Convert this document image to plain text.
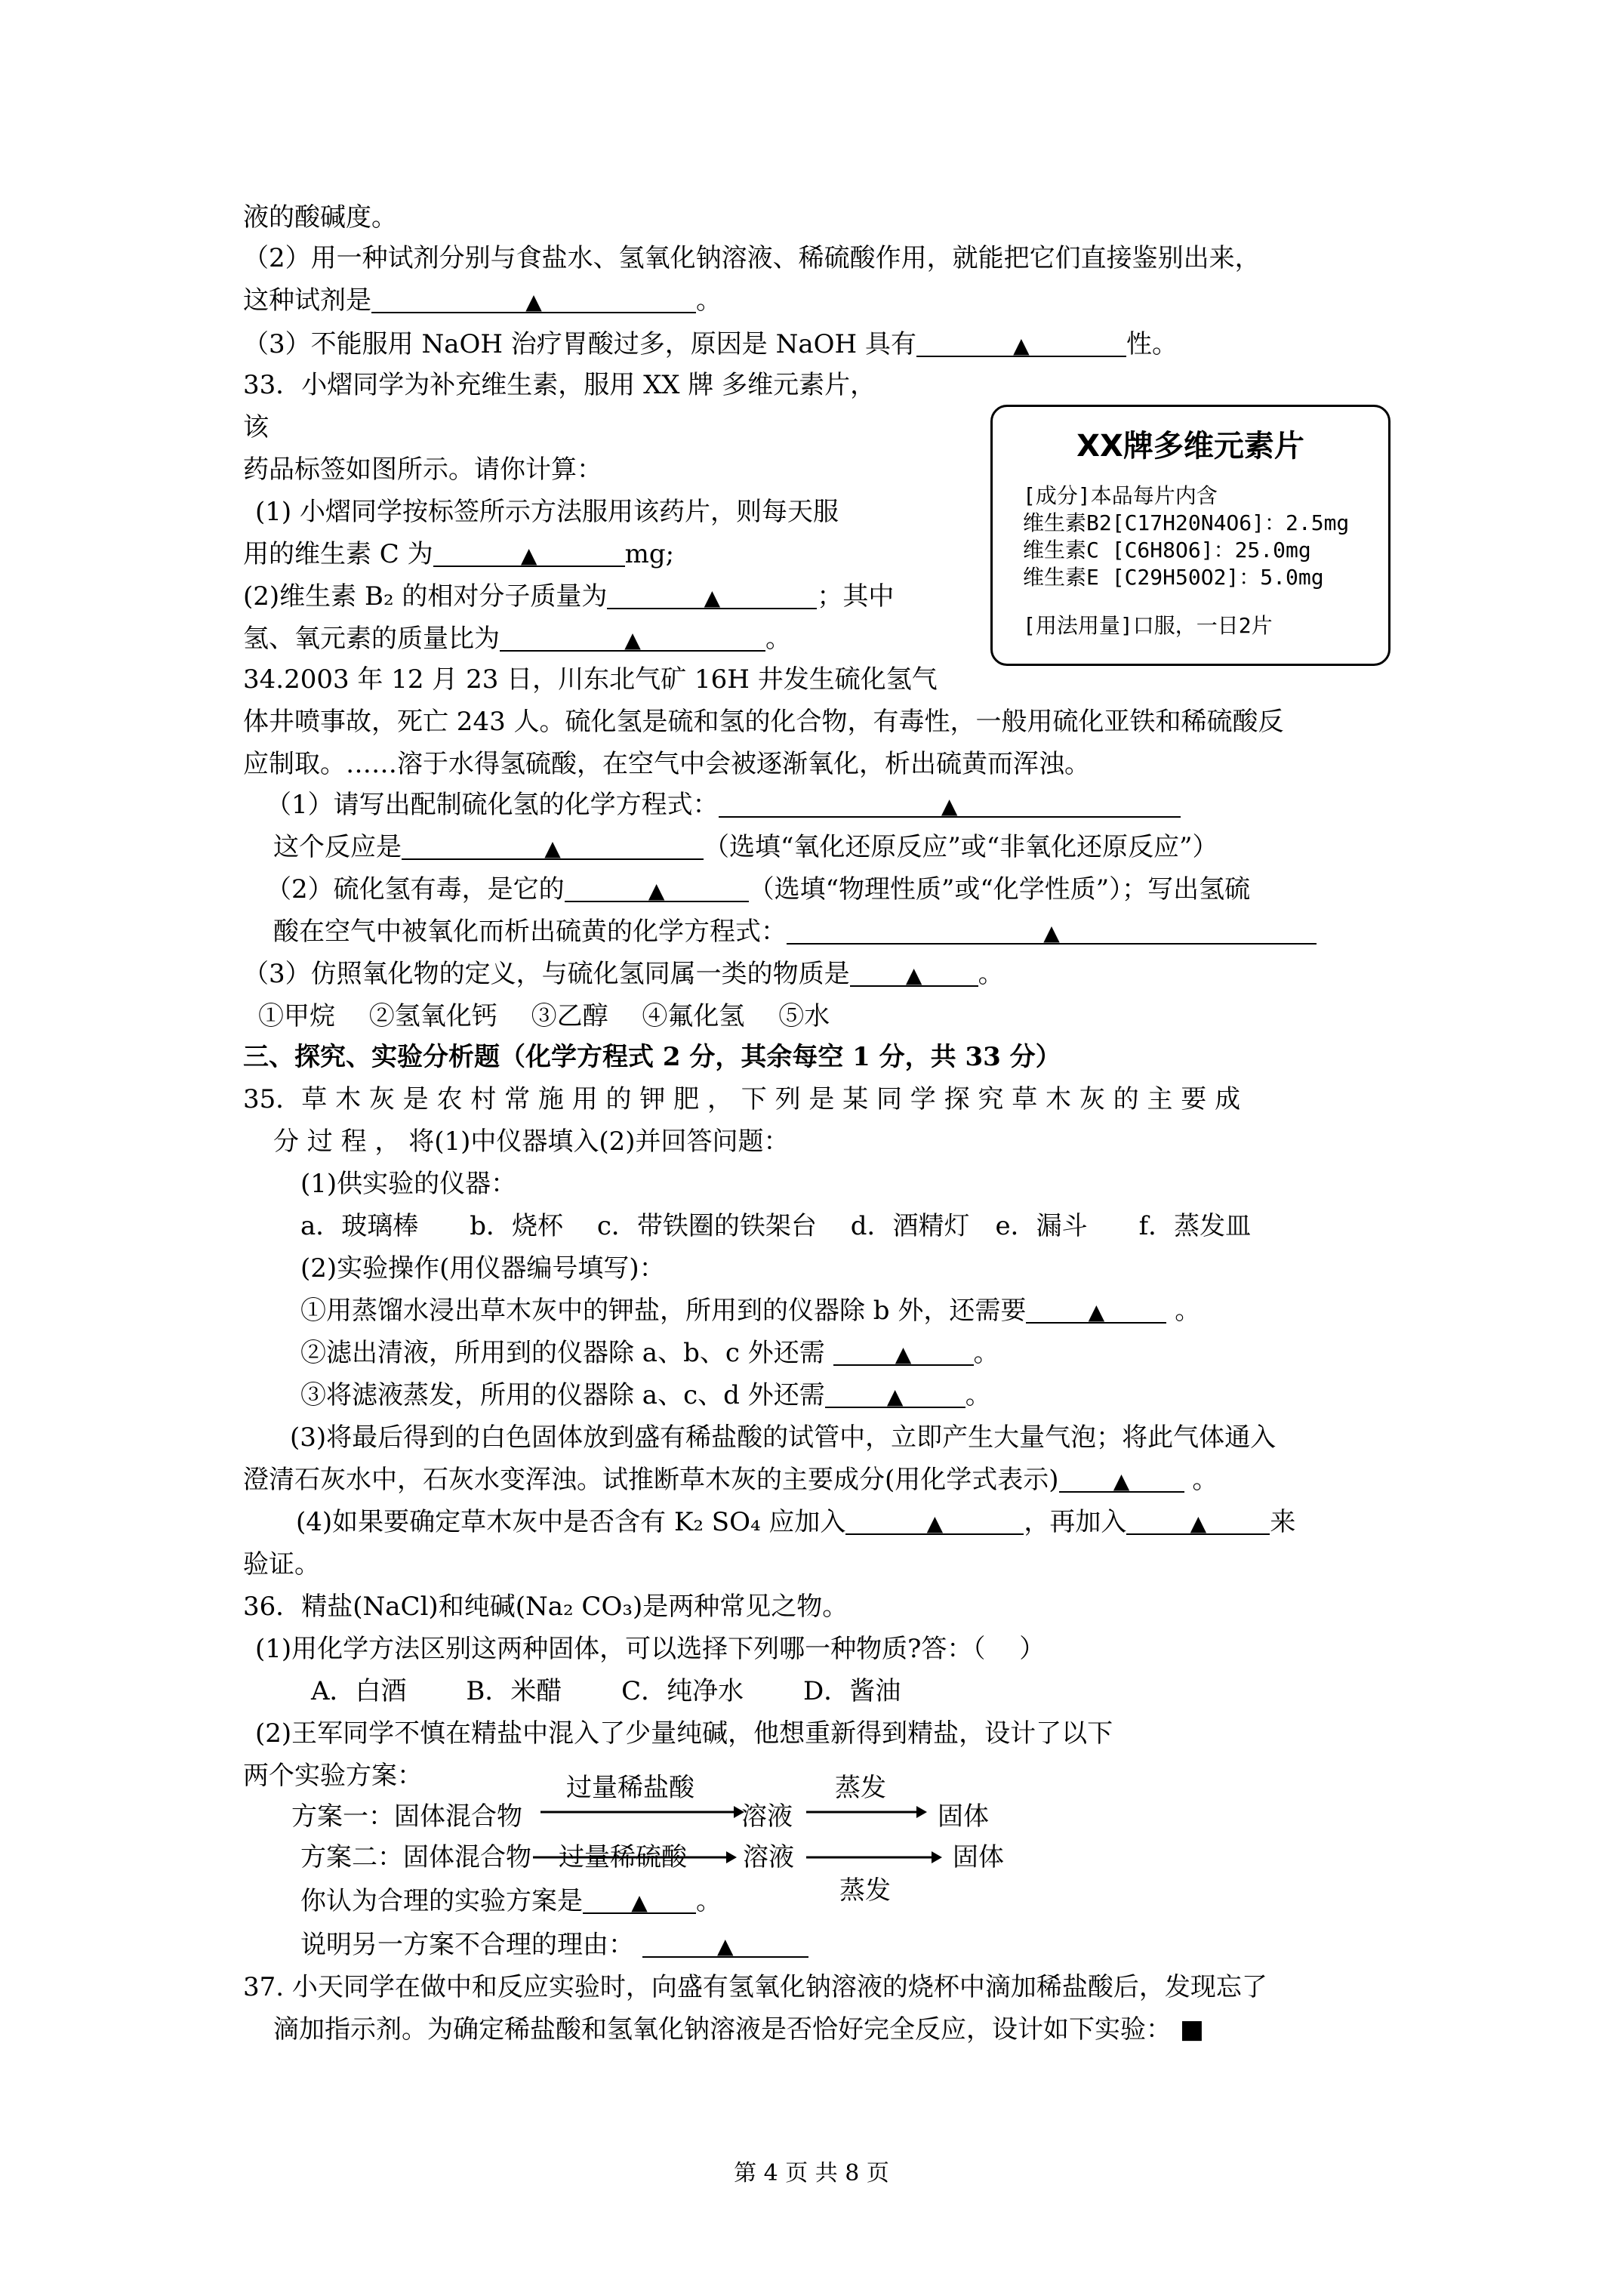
液的酸碱度。
（2）用一种试剂分别与食盐水、氢氧化钠溶液、稀硫酸作用，就能把它们直接鉴别出来，
这种试剂是	▲	。
（3）不能服用 NaOH 治疗胃酸过多，原因是 NaOH 具有	▲	性。
33．小熠同学为补充维生素，服用 XX 牌 多维元素片，
该
药品标签如图所示。请你计算：
(1) 小熠同学按标签所示方法服用该药片，则每天服
用的维生素 C 为	▲	mg;
(2)维生素 B₂ 的相对分子质量为	▲	；其中
氢、氧元素的质量比为	▲	。
34.2003 年 12 月 23 日，川东北气矿 16H 井发生硫化氢气
体井喷事故，死亡 243 人。硫化氢是硫和氢的化合物，有毒性，一般用硫化亚铁和稀硫酸反
应制取。……溶于水得氢硫酸，在空气中会被逐渐氧化，析出硫黄而浑浊。
（1）请写出配制硫化氢的化学方程式：	▲
这个反应是	▲	（选填“氧化还原反应”或“非氧化还原反应”）
（2）硫化氢有毒，是它的	▲	（选填“物理性质”或“化学性质”）；写出氢硫
酸在空气中被氧化而析出硫黄的化学方程式：	▲
（3）仿照氧化物的定义，与硫化氢同属一类的物质是	▲ 。
①甲烷　 ②氢氧化钙　 ③乙醇　 ④氟化氢　 ⑤水
三、探究、实验分析题（化学方程式 2 分，其余每空 1 分，共 33 分）
35．草 木 灰 是 农 村 常 施 用 的 钾 肥 ， 下 列 是 某 同 学 探 究 草 木 灰 的 主 要 成
分 过 程 ， 将(1)中仪器填入(2)并回答问题：
(1)供实验的仪器：
a．玻璃棒　　b．烧杯　 c．带铁圈的铁架台　 d．酒精灯　e．漏斗　　f．蒸发皿
(2)实验操作(用仪器编号填写)：
①用蒸馏水浸出草木灰中的钾盐，所用到的仪器除 b 外，还需要	▲	。
②滤出清液，所用到的仪器除 a、b、c 外还需	▲ 。
③将滤液蒸发，所用的仪器除 a、c、d 外还需	▲ 。
(3)将最后得到的白色固体放到盛有稀盐酸的试管中，立即产生大量气泡；将此气体通入
澄清石灰水中，石灰水变浑浊。试推断草木灰的主要成分(用化学式表示)	▲ 。
(4)如果要确定草木灰中是否含有 K₂ SO₄ 应加入	▲	，再加入	▲ 来
验证。
36．精盐(NaCl)和纯碱(Na₂ CO₃)是两种常见之物。
(1)用化学方法区别这两种固体，可以选择下列哪一种物质?答：（　 ）
A．白酒　　 B．米醋　　 C．纯净水　　 D．酱油
(2)王军同学不慎在精盐中混入了少量纯碱，他想重新得到精盐，设计了以下
两个实验方案：
方案一：固体混合物
过量稀盐酸
溶液
蒸发
固体
方案二：固体混合物 过量稀硫酸 溶液
蒸发
固体
你认为合理的实验方案是 ▲ 。
说明另一方案不合理的理由：	▲
37. 小天同学在做中和反应实验时，向盛有氢氧化钠溶液的烧杯中滴加稀盐酸后，发现忘了
滴加指示剂。为确定稀盐酸和氢氧化钠溶液是否恰好完全反应，设计如下实验： ■
XX牌多维元素片
[成分]本品每片内含
维生素B2[C17H20N4O6]：2.5mg
维生素C [C6H8O6]：25.0mg
维生素E [C29H50O2]：5.0mg
[用法用量]口服，一日2片
第 4 页 共 8 页
